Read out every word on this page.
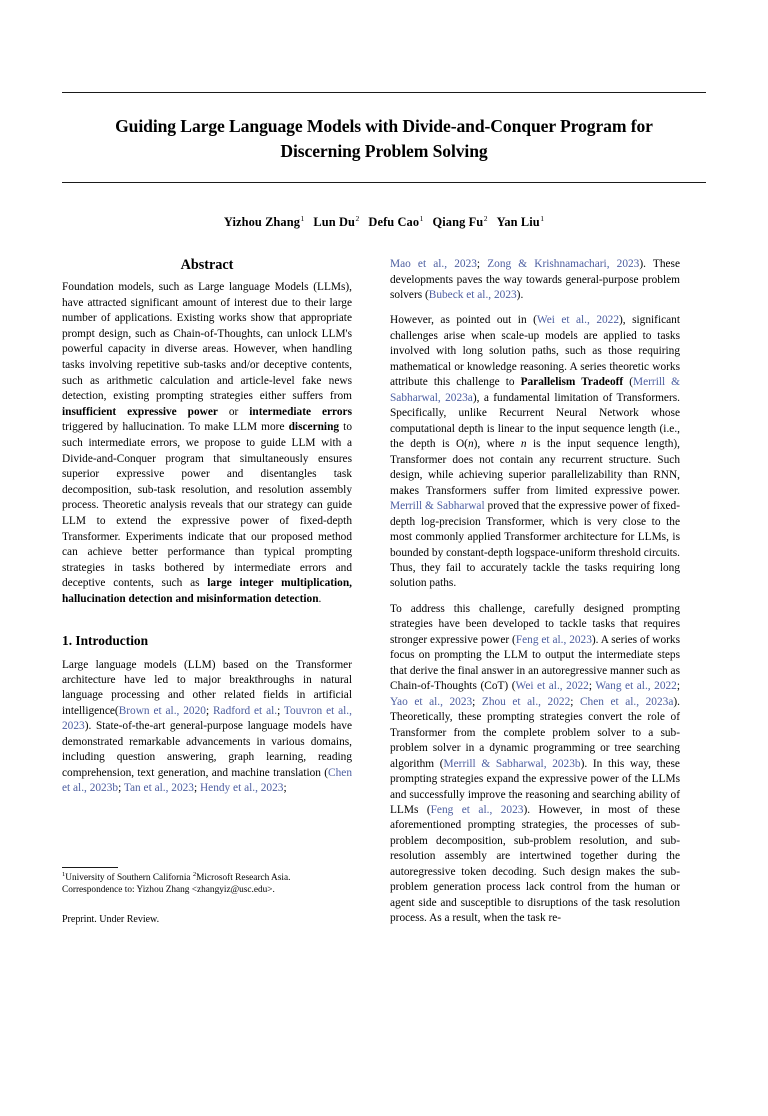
Guiding Large Language Models with Divide-and-Conquer Program for Discerning Problem Solving
Yizhou Zhang$^1$ Lun Du$^2$ Defu Cao$^1$ Qiang Fu$^2$ Yan Liu$^1$
Abstract

Foundation models, such as Large language Models (LLMs), have attracted significant amount of interest due to their large number of applications. Existing works show that appropriate prompt design, such as Chain-of-Thoughts, can unlock LLM's powerful capacity in diverse areas. However, when handling tasks involving repetitive sub-tasks and/or deceptive contents, such as arithmetic calculation and article-level fake news detection, existing prompting strategies either suffers from insufficient expressive power or intermediate errors triggered by hallucination. To make LLM more discerning to such intermediate errors, we propose to guide LLM with a Divide-and-Conquer program that simultaneously ensures superior expressive power and disentangles task decomposition, sub-task resolution, and resolution assembly process. Theoretic analysis reveals that our strategy can guide LLM to extend the expressive power of fixed-depth Transformer. Experiments indicate that our proposed method can achieve better performance than typical prompting strategies in tasks bothered by intermediate errors and deceptive contents, such as large integer multiplication, hallucination detection and misinformation detection.

1. Introduction

Large language models (LLM) based on the Transformer architecture have led to major breakthroughs in natural language processing and other related fields in artificial intelligence(Brown et al., 2020; Radford et al.; Touvron et al., 2023). State-of-the-art general-purpose language models have demonstrated remarkable advancements in various domains, including question answering, graph learning, reading comprehension, text generation, and machine translation (Chen et al., 2023b; Tan et al., 2023; Hendy et al., 2023;

$^1$University of Southern California $^2$Microsoft Research Asia.
Correspondence to: Yizhou Zhang <zhangyiz@usc.edu>.

Preprint. Under Review.

Mao et al., 2023; Zong & Krishnamachari, 2023). These developments paves the way towards general-purpose problem solvers (Bubeck et al., 2023).

However, as pointed out in (Wei et al., 2022), significant challenges arise when scale-up models are applied to tasks involved with long solution paths, such as those requiring mathematical or knowledge reasoning. A series theoretic works attribute this challenge to Parallelism Tradeoff (Merrill & Sabharwal, 2023a), a fundamental limitation of Transformers. Specifically, unlike Recurrent Neural Network whose computational depth is linear to the input sequence length (i.e., the depth is O(n), where n is the input sequence length), Transformer does not contain any recurrent structure. Such design, while achieving superior parallelizability than RNN, makes Transformers suffer from limited expressive power. Merrill & Sabharwal proved that the expressive power of fixed-depth log-precision Transformer, which is very close to the most commonly applied Transformer architecture for LLMs, is bounded by constant-depth logspace-uniform threshold circuits. Thus, they fail to accurately tackle the tasks requiring long solution paths.

To address this challenge, carefully designed prompting strategies have been developed to tackle tasks that requires stronger expressive power (Feng et al., 2023). A series of works focus on prompting the LLM to output the intermediate steps that derive the final answer in an autoregressive manner such as Chain-of-Thoughts (CoT) (Wei et al., 2022; Wang et al., 2022; Yao et al., 2023; Zhou et al., 2022; Chen et al., 2023a). Theoretically, these prompting strategies convert the role of Transformer from the complete problem solver to a sub-problem solver in a dynamic programming or tree searching algorithm (Merrill & Sabharwal, 2023b). In this way, these prompting strategies expand the expressive power of the LLMs and successfully improve the reasoning and searching ability of LLMs (Feng et al., 2023). However, in most of these aforementioned prompting strategies, the processes of sub-problem decomposition, sub-problem resolution, and sub-resolution assembly are intertwined together during the autoregressive token decoding. Such design makes the sub-problem generation process lack control from the human or agent side and susceptible to disruptions of the task resolution process. As a result, when the task re-
